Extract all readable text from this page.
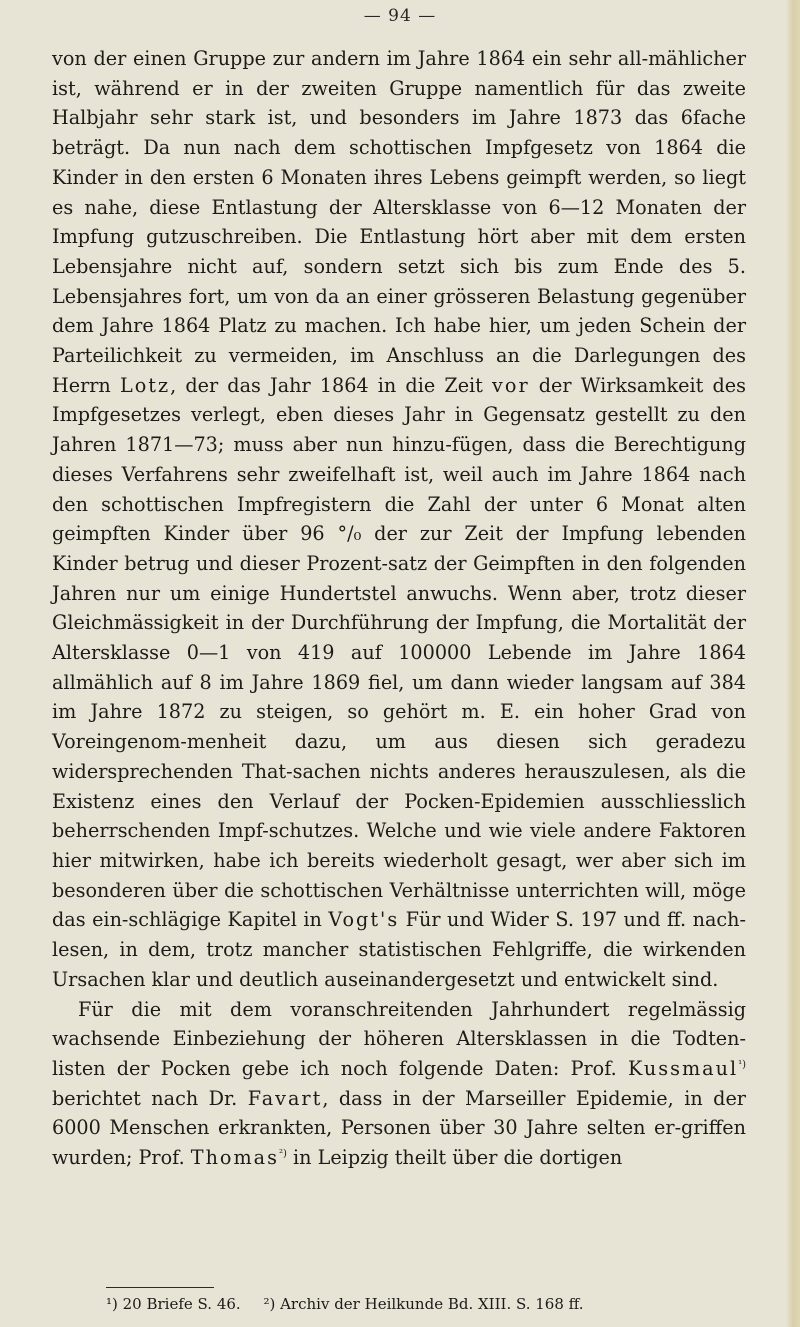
— 94 —

von der einen Gruppe zur andern im Jahre 1864 ein sehr all-mählicher ist, während er in der zweiten Gruppe namentlich für das zweite Halbjahr sehr stark ist, und besonders im Jahre 1873 das 6fache beträgt. Da nun nach dem schottischen Impfgesetz von 1864 die Kinder in den ersten 6 Monaten ihres Lebens geimpft werden, so liegt es nahe, diese Entlastung der Altersklasse von 6—12 Monaten der Impfung gutzuschreiben. Die Entlastung hört aber mit dem ersten Lebensjahre nicht auf, sondern setzt sich bis zum Ende des 5. Lebensjahres fort, um von da an einer grösseren Belastung gegenüber dem Jahre 1864 Platz zu machen. Ich habe hier, um jeden Schein der Parteilichkeit zu vermeiden, im Anschluss an die Darlegungen des Herrn Lotz, der das Jahr 1864 in die Zeit vor der Wirksamkeit des Impfgesetzes verlegt, eben dieses Jahr in Gegensatz gestellt zu den Jahren 1871—73; muss aber nun hinzu-fügen, dass die Berechtigung dieses Verfahrens sehr zweifelhaft ist, weil auch im Jahre 1864 nach den schottischen Impfregistern die Zahl der unter 6 Monat alten geimpften Kinder über 96 °/₀ der zur Zeit der Impfung lebenden Kinder betrug und dieser Prozent-satz der Geimpften in den folgenden Jahren nur um einige Hundertstel anwuchs. Wenn aber, trotz dieser Gleichmässigkeit in der Durchführung der Impfung, die Mortalität der Altersklasse 0—1 von 419 auf 100000 Lebende im Jahre 1864 allmählich auf 8 im Jahre 1869 fiel, um dann wieder langsam auf 384 im Jahre 1872 zu steigen, so gehört m. E. ein hoher Grad von Voreingenom-menheit dazu, um aus diesen sich geradezu widersprechenden That-sachen nichts anderes herauszulesen, als die Existenz eines den Verlauf der Pocken-Epidemien ausschliesslich beherrschenden Impf-schutzes. Welche und wie viele andere Faktoren hier mitwirken, habe ich bereits wiederholt gesagt, wer aber sich im besonderen über die schottischen Verhältnisse unterrichten will, möge das ein-schlägige Kapitel in Vogt's Für und Wider S. 197 und ff. nach-lesen, in dem, trotz mancher statistischen Fehlgriffe, die wirkenden Ursachen klar und deutlich auseinandergesetzt und entwickelt sind.

Für die mit dem voranschreitenden Jahrhundert regelmässig wachsende Einbeziehung der höheren Altersklassen in die Todten-listen der Pocken gebe ich noch folgende Daten: Prof. Kussmaul$^{^1)}$ berichtet nach Dr. Favart, dass in der Marseiller Epidemie, in der 6000 Menschen erkrankten, Personen über 30 Jahre selten er-griffen wurden; Prof. Thomas$^{^2)}$ in Leipzig theilt über die dortigen

¹) 20 Briefe S. 46. ²) Archiv der Heilkunde Bd. XIII. S. 168 ff.
